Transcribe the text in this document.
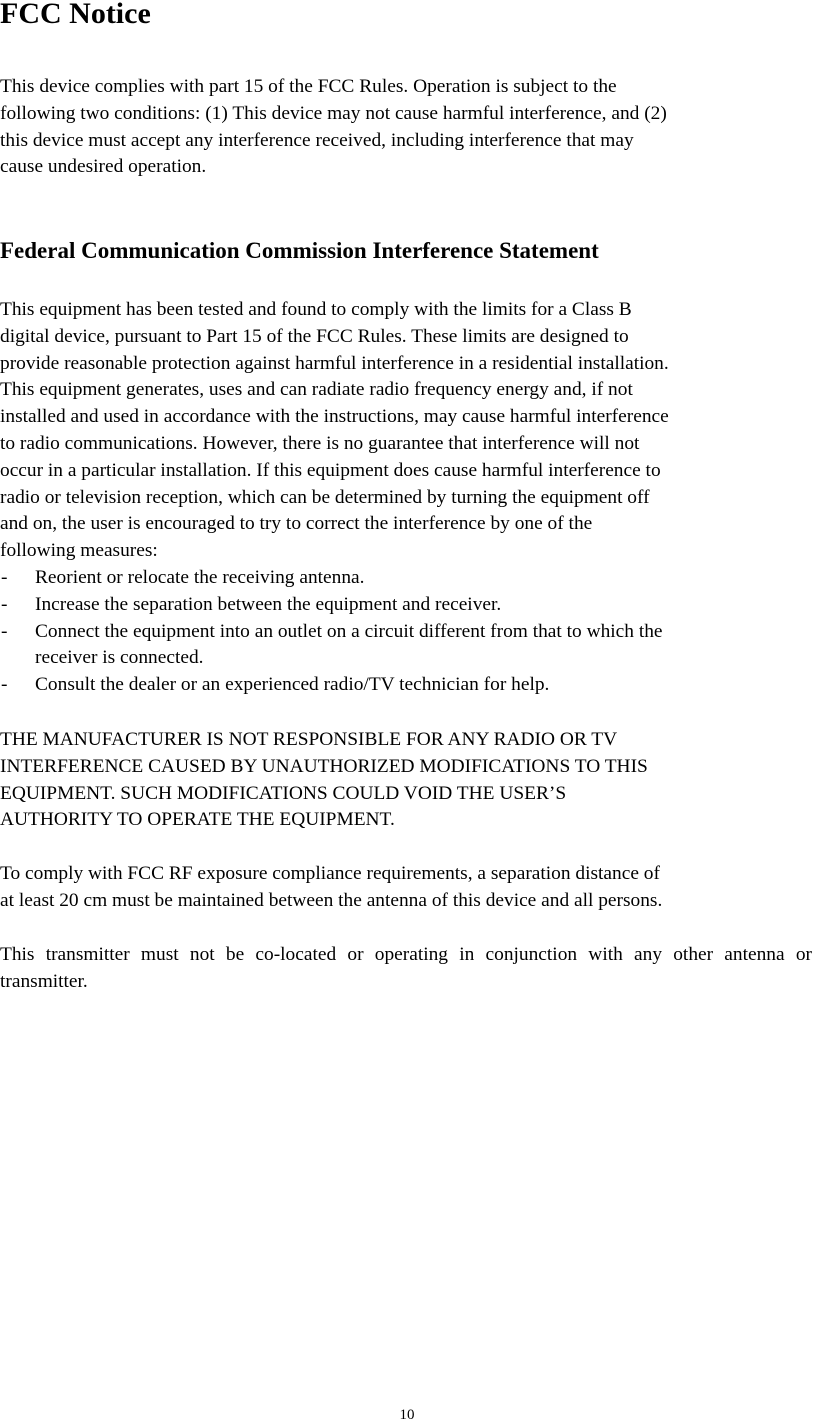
FCC Notice

This device complies with part 15 of the FCC Rules. Operation is subject to the
following two conditions: (1) This device may not cause harmful interference, and (2)
this device must accept any interference received, including interference that may
cause undesired operation.

Federal Communication Commission Interference Statement

This equipment has been tested and found to comply with the limits for a Class B
digital device, pursuant to Part 15 of the FCC Rules. These limits are designed to
provide reasonable protection against harmful interference in a residential installation.
This equipment generates, uses and can radiate radio frequency energy and, if not
installed and used in accordance with the instructions, may cause harmful interference
to radio communications. However, there is no guarantee that interference will not
occur in a particular installation. If this equipment does cause harmful interference to
radio or television reception, which can be determined by turning the equipment off
and on, the user is encouraged to try to correct the interference by one of the
following measures:

- Reorient or relocate the receiving antenna.
- Increase the separation between the equipment and receiver.
- Connect the equipment into an outlet on a circuit different from that to which the
receiver is connected.
- Consult the dealer or an experienced radio/TV technician for help.

THE MANUFACTURER IS NOT RESPONSIBLE FOR ANY RADIO OR TV
INTERFERENCE CAUSED BY UNAUTHORIZED MODIFICATIONS TO THIS
EQUIPMENT. SUCH MODIFICATIONS COULD VOID THE USER’S
AUTHORITY TO OPERATE THE EQUIPMENT.

To comply with FCC RF exposure compliance requirements, a separation distance of
at least 20 cm must be maintained between the antenna of this device and all persons.

This transmitter must not be co-located or operating in conjunction with any other antenna or transmitter.

10
